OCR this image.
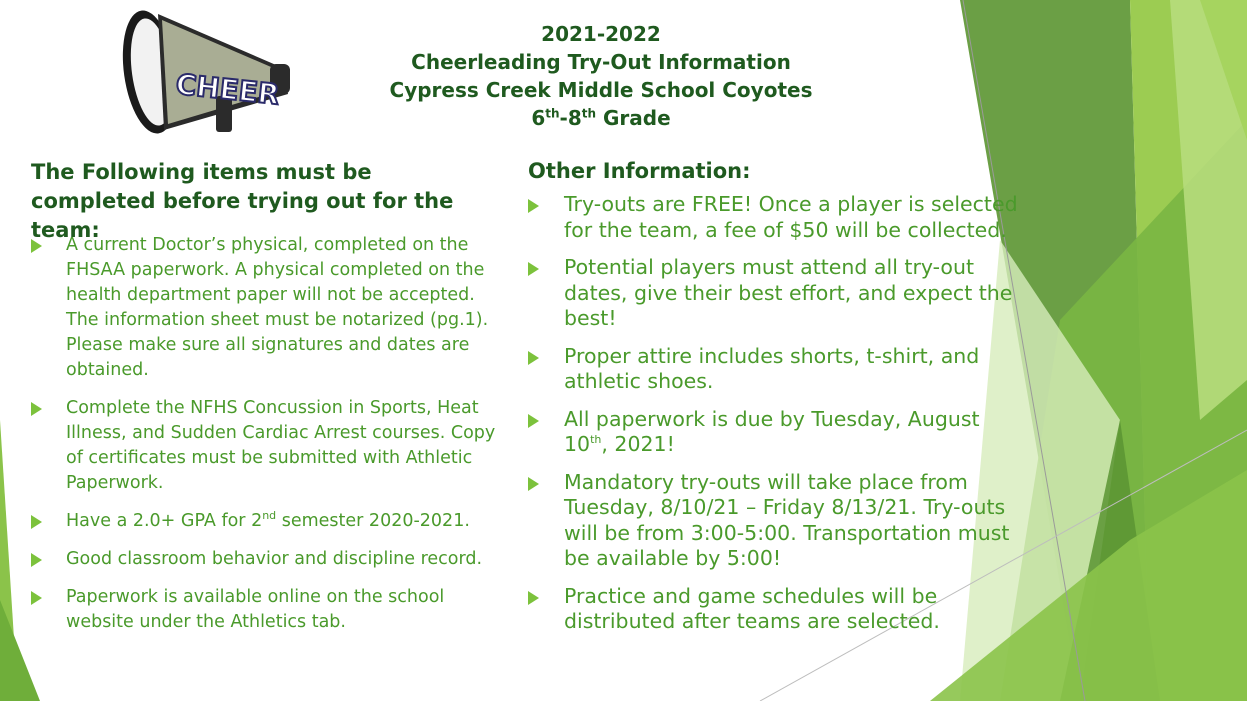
CHEER
2021-2022
Cheerleading Try-Out Information
Cypress Creek Middle School Coyotes
6th-8th Grade
The Following items must be completed before trying out for the team:
A current Doctor’s physical, completed on the FHSAA paperwork. A physical completed on the health department paper will not be accepted. The information sheet must be notarized (pg.1). Please make sure all signatures and dates are obtained.
Complete the NFHS Concussion in Sports, Heat Illness, and Sudden Cardiac Arrest courses. Copy of certificates must be submitted with Athletic Paperwork.
Have a 2.0+ GPA for 2nd semester 2020-2021.
Good classroom behavior and discipline record.
Paperwork is available online on the school website under the Athletics tab.
Other Information:
Try-outs are FREE! Once a player is selected for the team, a fee of $50 will be collected.
Potential players must attend all try-out dates, give their best effort, and expect the best!
Proper attire includes shorts, t-shirt, and athletic shoes.
All paperwork is due by Tuesday, August 10th, 2021!
Mandatory try-outs will take place from Tuesday, 8/10/21 – Friday 8/13/21. Try-outs will be from 3:00-5:00. Transportation must be available by 5:00!
Practice and game schedules will be distributed after teams are selected.
